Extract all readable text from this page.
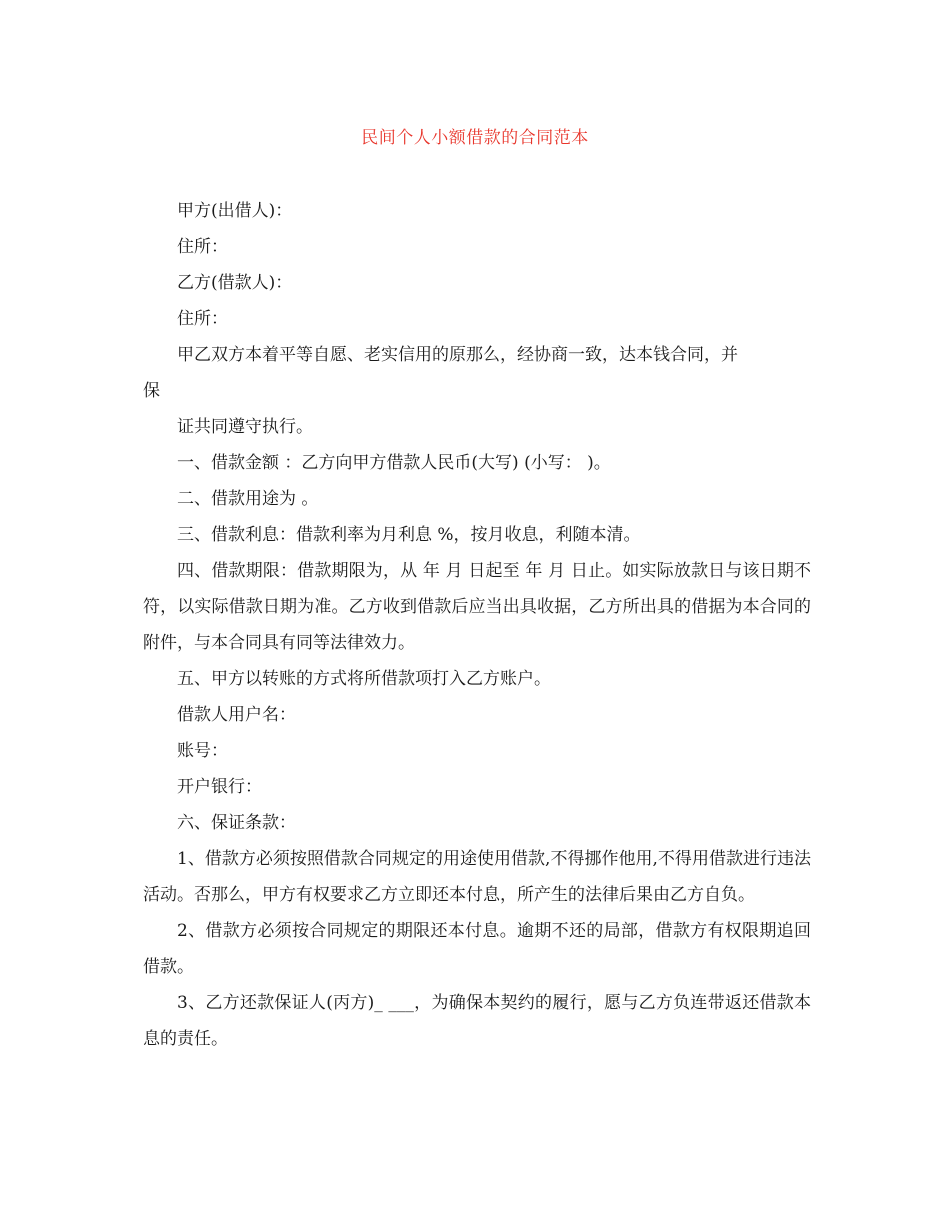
民间个人小额借款的合同范本

甲方(出借人)：

住所：

乙方(借款人)：

住所：

甲乙双方本着平等自愿、老实信用的原那么，经协商一致，达本钱合同，并

保

证共同遵守执行。

一、借款金额 ：乙方向甲方借款人民币(大写) (小写： )。

二、借款用途为 。

三、借款利息：借款利率为月利息 %，按月收息，利随本清。

四、借款期限：借款期限为，从 年 月 日起至 年 月 日止。如实际放款日与该日期不符，以实际借款日期为准。乙方收到借款后应当出具收据，乙方所出具的借据为本合同的附件，与本合同具有同等法律效力。

五、甲方以转账的方式将所借款项打入乙方账户。

借款人用户名：

账号：

开户银行：

六、保证条款：

1、借款方必须按照借款合同规定的用途使用借款,不得挪作他用,不得用借款进行违法活动。否那么，甲方有权要求乙方立即还本付息，所产生的法律后果由乙方自负。

2、借款方必须按合同规定的期限还本付息。逾期不还的局部，借款方有权限期追回借款。

3、乙方还款保证人(丙方)_ ___，为确保本契约的履行，愿与乙方负连带返还借款本息的责任。
